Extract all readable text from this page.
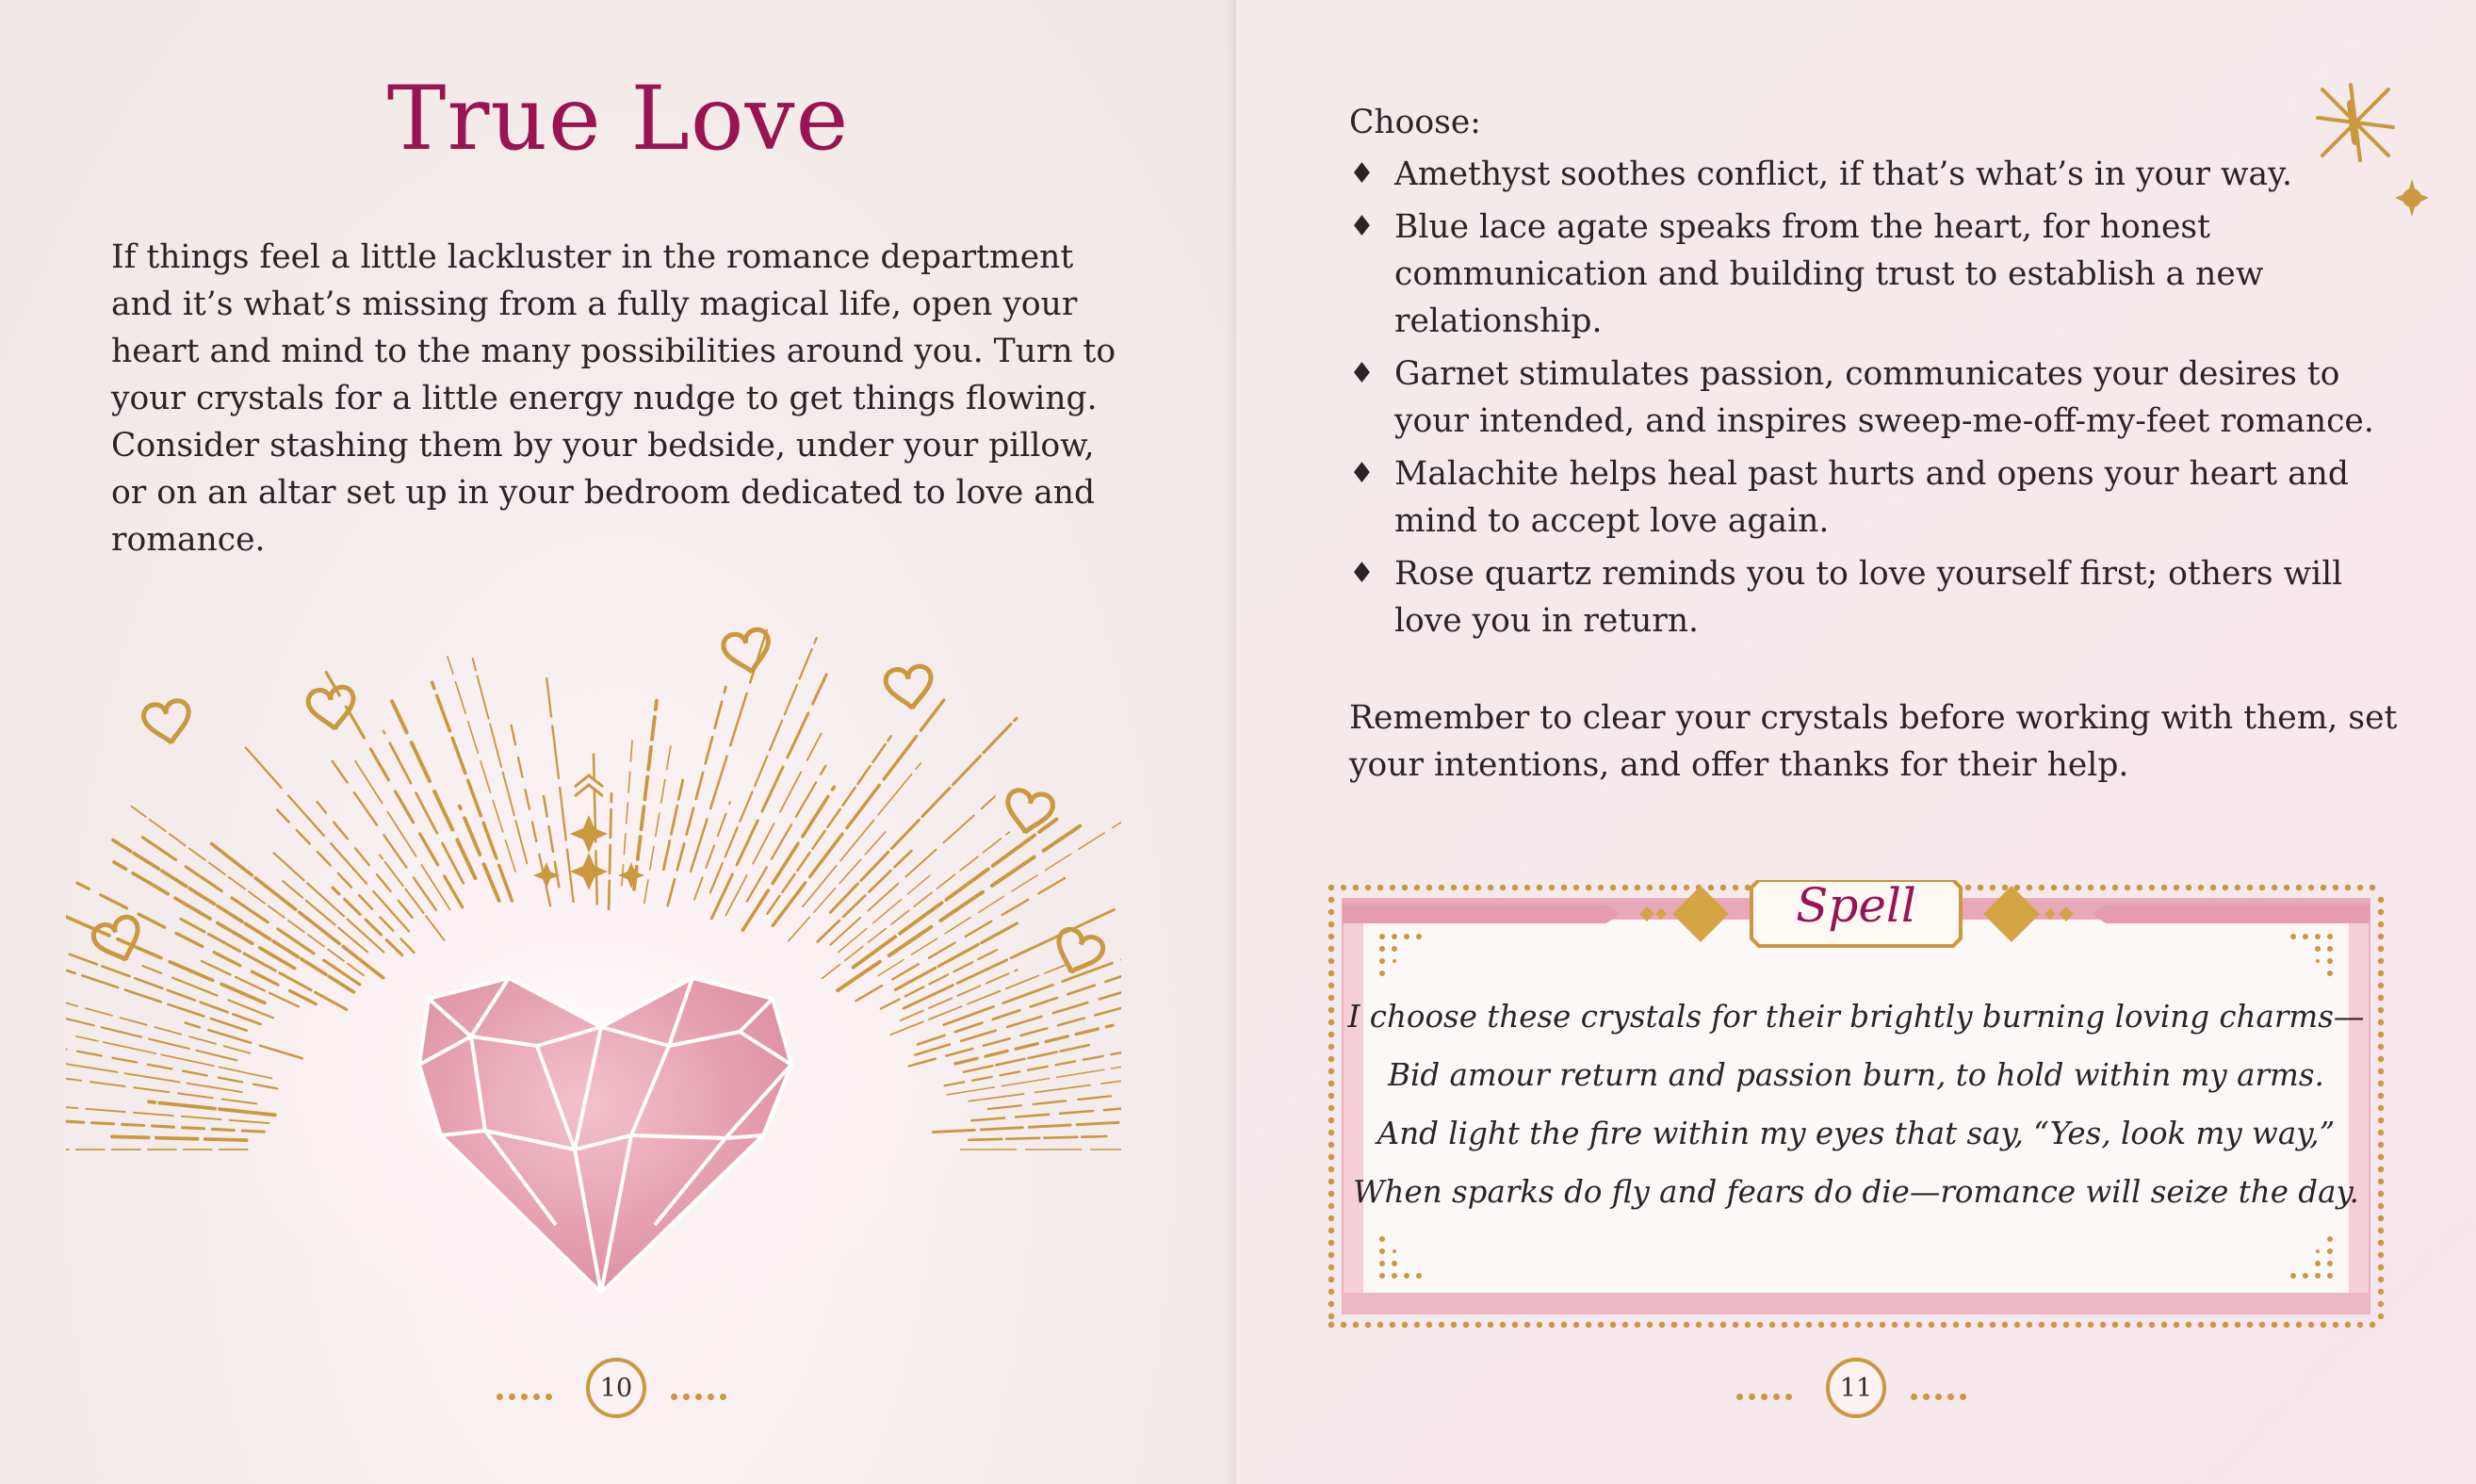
True Love

If things feel a little lackluster in the romance department and it’s what’s missing from a fully magical life, open your heart and mind to the many possibilities around you. Turn to your crystals for a little energy nudge to get things flowing. Consider stashing them by your bedside, under your pillow, or on an altar set up in your bedroom dedicated to love and romance.

10

Choose:

♦ Amethyst soothes conflict, if that’s what’s in your way.
♦ Blue lace agate speaks from the heart, for honest communication and building trust to establish a new relationship.
♦ Garnet stimulates passion, communicates your desires to your intended, and inspires sweep-me-off-my-feet romance.
♦ Malachite helps heal past hurts and opens your heart and mind to accept love again.
♦ Rose quartz reminds you to love yourself first; others will love you in return.

Remember to clear your crystals before working with them, set your intentions, and offer thanks for their help.

Spell
I choose these crystals for their brightly burning loving charms—
Bid amour return and passion burn, to hold within my arms.
And light the fire within my eyes that say, “Yes, look my way,”
When sparks do fly and fears do die—romance will seize the day.
11
